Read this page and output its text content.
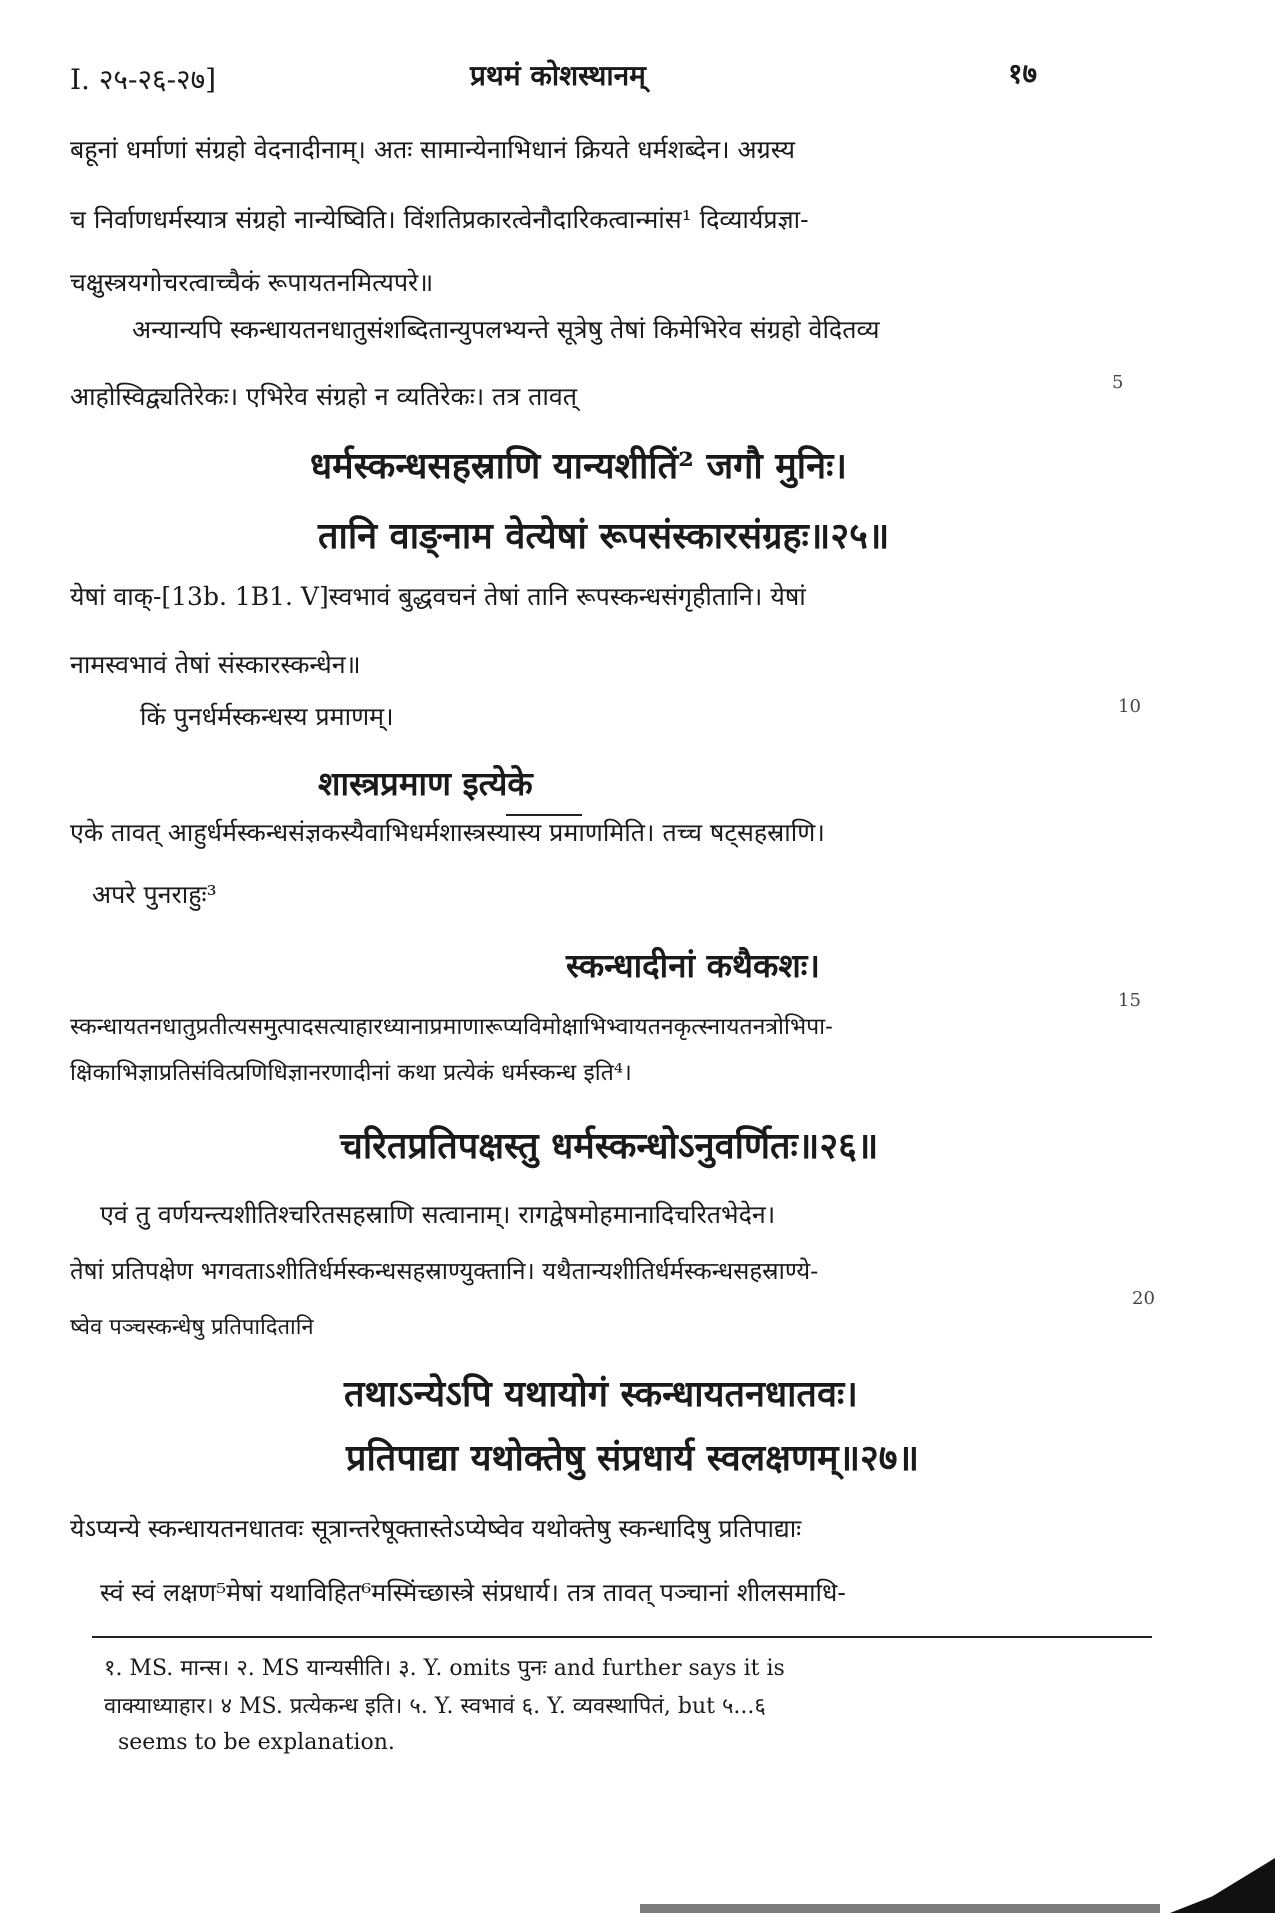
I. २५-२६-२७]	प्रथमं कोशस्थानम्	१७
बहूनां धर्माणां संग्रहो वेदनादीनाम्। अतः सामान्येनाभिधानं क्रियते धर्मशब्देन। अग्रस्य
च निर्वाणधर्मस्यात्र संग्रहो नान्येष्विति। विंशतिप्रकारत्वेनौदारिकत्वान्मांस¹ दिव्यार्यप्रज्ञा-
चक्षुस्त्रयगोचरत्वाच्चैकं रूपायतनमित्यपरे॥
अन्यान्यपि स्कन्धायतनधातुसंशब्दितान्युपलभ्यन्ते सूत्रेषु तेषां किमेभिरेव संग्रहो वेदितव्य
आहोस्विद्व्यतिरेकः। एभिरेव संग्रहो न व्यतिरेकः। तत्र तावत्	5
धर्मस्कन्धसहस्राणि यान्यशीतिं² जगौ मुनिः।
तानि वाङ्नाम वेत्येषां रूपसंस्कारसंग्रहः॥२५॥
येषां वाक्-[13b. 1B1. V]स्वभावं बुद्धवचनं तेषां तानि रूपस्कन्धसंगृहीतानि। येषां
नामस्वभावं तेषां संस्कारस्कन्धेन॥
किं पुनर्धर्मस्कन्धस्य प्रमाणम्।	10
शास्त्रप्रमाण इत्येके
एके तावत् आहुर्धर्मस्कन्धसंज्ञकस्यैवाभिधर्मशास्त्रस्यास्य प्रमाणमिति। तच्च षट्सहस्राणि।
अपरे पुनराहुः³
स्कन्धादीनां कथैकशः।
स्कन्धायतनधातुप्रतीत्यसमुत्पादसत्याहारध्यानाप्रमाणारूप्यविमोक्षाभिभ्वायतनकृत्स्नायतनत्रोभिपा-
15
क्षिकाभिज्ञाप्रतिसंवित्प्रणिधिज्ञानरणादीनां कथा प्रत्येकं धर्मस्कन्ध इति⁴।
चरितप्रतिपक्षस्तु धर्मस्कन्धोऽनुवर्णितः॥२६॥
एवं तु वर्णयन्त्यशीतिश्चरितसहस्राणि सत्वानाम्। रागद्वेषमोहमानादिचरितभेदेन।
तेषां प्रतिपक्षेण भगवताऽशीतिर्धर्मस्कन्धसहस्राण्युक्तानि। यथैतान्यशीतिर्धर्मस्कन्धसहस्राण्ये-
20
ष्वेव पञ्चस्कन्धेषु प्रतिपादितानि
तथाऽन्येऽपि यथायोगं स्कन्धायतनधातवः।
प्रतिपाद्या यथोक्तेषु संप्रधार्य स्वलक्षणम्॥२७॥
येऽप्यन्ये स्कन्धायतनधातवः सूत्रान्तरेषूक्तास्तेऽप्येष्वेव यथोक्तेषु स्कन्धादिषु प्रतिपाद्याः
स्वं स्वं लक्षण⁵मेषां यथाविहित⁶मस्मिंच्छास्त्रे संप्रधार्य। तत्र तावत् पञ्चानां शीलसमाधि-
१. MS. मान्स। २. MS यान्यसीति। ३. Y. omits पुनः and further says it is
वाक्याध्याहार। ४ MS. प्रत्येकन्ध इति। ५. Y. स्वभावं ६. Y. व्यवस्थापितं, but ५...६
seems to be explanation.
